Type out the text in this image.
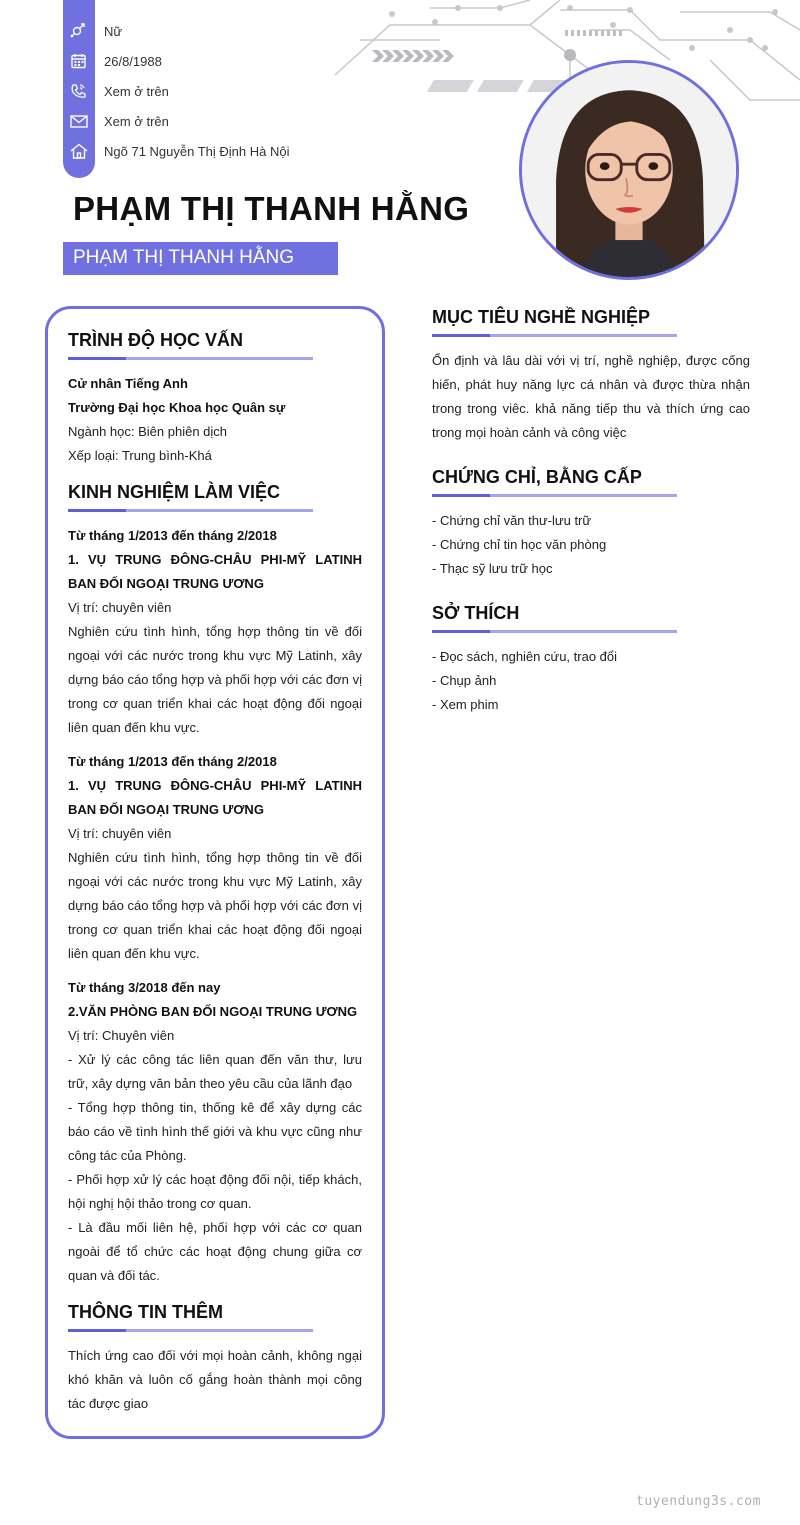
Nữ
26/8/1988
Xem ở trên
Xem ở trên
Ngõ 71 Nguyễn Thị Định Hà Nội
PHẠM THỊ THANH HẰNG
PHẠM THỊ THANH HẰNG
TRÌNH ĐỘ HỌC VẤN
Cử nhân Tiếng Anh
Trường Đại học Khoa học Quân sự
Ngành học: Biên phiên dịch
Xếp loại: Trung bình-Khá
KINH NGHIỆM LÀM VIỆC
Từ tháng 1/2013 đến tháng 2/2018
1. VỤ TRUNG ĐÔNG-CHÂU PHI-MỸ LATINH BAN ĐỐI NGOẠI TRUNG ƯƠNG
Vị trí: chuyên viên
Nghiên cứu tình hình, tổng hợp thông tin về đối ngoại với các nước trong khu vực Mỹ Latinh, xây dựng báo cáo tổng hợp và phối hợp với các đơn vị trong cơ quan triển khai các hoạt động đối ngoại liên quan đến khu vực.
Từ tháng 1/2013 đến tháng 2/2018
1. VỤ TRUNG ĐÔNG-CHÂU PHI-MỸ LATINH BAN ĐỐI NGOẠI TRUNG ƯƠNG
Vị trí: chuyên viên
Nghiên cứu tình hình, tổng hợp thông tin về đối ngoại với các nước trong khu vực Mỹ Latinh, xây dựng báo cáo tổng hợp và phối hợp với các đơn vị trong cơ quan triển khai các hoạt động đối ngoại liên quan đến khu vực.
Từ tháng 3/2018 đến nay
2.VĂN PHÒNG BAN ĐỐI NGOẠI TRUNG ƯƠNG
Vị trí: Chuyên viên
- Xử lý các công tác liên quan đến văn thư, lưu trữ, xây dựng văn bản theo yêu cầu của lãnh đạo
- Tổng hợp thông tin, thống kê để xây dựng các báo cáo về tình hình thế giới và khu vực cũng như công tác của Phòng.
- Phối hợp xử lý các hoạt động đối nội, tiếp khách, hội nghị hội thảo trong cơ quan.
- Là đầu mối liên hệ, phối hợp với các cơ quan ngoài để tổ chức các hoạt động chung giữa cơ quan và đối tác.
THÔNG TIN THÊM
Thích ứng cao đối với mọi hoàn cảnh, không ngại khó khăn và luôn cố gắng hoàn thành mọi công tác được giao
MỤC TIÊU NGHỀ NGHIỆP
Ổn định và lâu dài với vị trí, nghề nghiệp, được cống hiến, phát huy năng lực cá nhân và được thừa nhận trong trong viêc. khả năng tiếp thu và thích ứng cao trong mọi hoàn cảnh và công việc
CHỨNG CHỈ, BẰNG CẤP
- Chứng chỉ văn thư-lưu trữ
- Chứng chỉ tin học văn phòng
- Thạc sỹ lưu trữ học
SỞ THÍCH
- Đọc sách, nghiên cứu, trao đổi
- Chụp ảnh
- Xem phim
tuyendung3s.com
